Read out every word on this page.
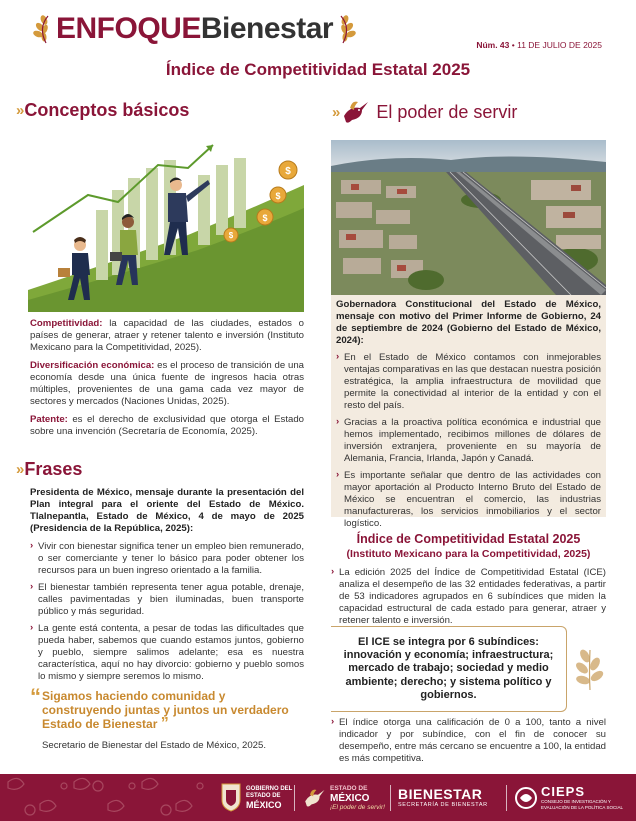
ENFOQUEBienestar	Núm. 43 • 11 DE JULIO DE 2025
Índice de Competitividad Estatal 2025
» Conceptos básicos
$
$
$
$

Competitividad: la capacidad de las ciudades, estados o países de generar, atraer y retener talento e inversión (Instituto Mexicano para la Competitividad, 2025).

Diversificación económica: es el proceso de transición de una economía desde una única fuente de ingresos hacia otras múltiples, provenientes de una gama cada vez mayor de sectores y mercados (Naciones Unidas, 2025).

Patente: es el derecho de exclusividad que otorga el Estado sobre una invención (Secretaría de Economía, 2025).

» Frases
Presidenta de México, mensaje durante la presentación del Plan integral para el oriente del Estado de México. Tlalnepantla, Estado de México, 4 de mayo de 2025 (Presidencia de la República, 2025):
› Vivir con bienestar significa tener un empleo bien remunerado, o ser comerciante y tener lo básico para poder obtener los recursos para un buen ingreso orientado a la familia.
› El bienestar también representa tener agua potable, drenaje, calles pavimentadas y bien iluminadas, buen transporte público y más seguridad.
› La gente está contenta, a pesar de todas las dificultades que pueda haber, sabemos que cuando estamos juntos, gobierno y pueblo, siempre salimos adelante; esa es nuestra característica, aquí no hay divorcio: gobierno y pueblo somos lo mismo y siempre seremos lo mismo.
“ Sigamos haciendo comunidad y construyendo juntas y juntos un verdadero Estado de Bienestar ”
Secretario de Bienestar del Estado de México, 2025.
» El poder de servir
Gobernadora Constitucional del Estado de México, mensaje con motivo del Primer Informe de Gobierno, 24 de septiembre de 2024 (Gobierno del Estado de México, 2024):
› En el Estado de México contamos con inmejorables ventajas comparativas en las que destacan nuestra posición estratégica, la amplia infraestructura de movilidad que permite la conectividad al interior de la entidad y con el resto del país.
› Gracias a la proactiva política económica e industrial que hemos implementado, recibimos millones de dólares de inversión extranjera, proveniente en su mayoría de Alemania, Francia, Irlanda, Japón y Canadá.
› Es importante señalar que dentro de las actividades con mayor aportación al Producto Interno Bruto del Estado de México se encuentran el comercio, las industrias manufactureras, los servicios inmobiliarios y el sector logístico.
Índice de Competitividad Estatal 2025
(Instituto Mexicano para la Competitividad, 2025)
› La edición 2025 del Índice de Competitividad Estatal (ICE) analiza el desempeño de las 32 entidades federativas, a partir de 53 indicadores agrupados en 6 subíndices que miden la capacidad estructural de cada estado para generar, atraer y retener talento e inversión.
El ICE se integra por 6 subíndices: innovación y economía; infraestructura; mercado de trabajo; sociedad y medio ambiente; derecho; y sistema político y gobiernos.
› El índice otorga una calificación de 0 a 100, tanto a nivel indicador y por subíndice, con el fin de conocer su desempeño, entre más cercano se encuentre a 100, la entidad es más competitiva.
GOBIERNO DEL
ESTADO DE
MÉXICO
ESTADO DE
MÉXICO
¡El poder de servir!
BIENESTAR
SECRETARÍA DE BIENESTAR
CIEPS
CONSEJO DE INVESTIGACIÓN Y
EVALUACIÓN DE LA POLÍTICA SOCIAL
